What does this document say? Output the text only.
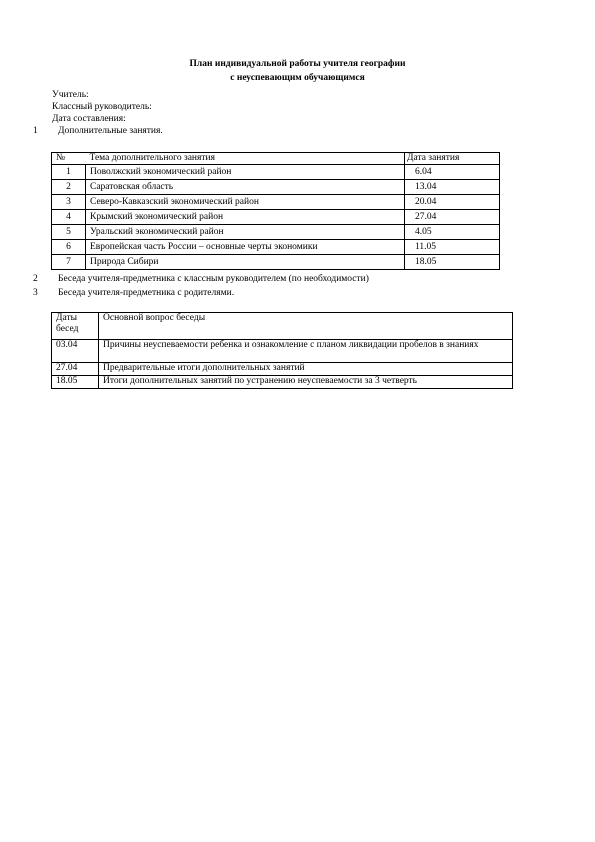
План индивидуальной работы учителя географии
с неуспевающим обучающимся
Учитель:
Классный руководитель:
Дата составления:
1 Дополнительные занятия.
№	Тема дополнительного занятия	Дата занятия
1	Поволжский экономический район	6.04
2	Саратовская область	13.04
3	Северо-Кавказский экономический район	20.04
4	Крымский экономический район	27.04
5	Уральский экономический район	4.05
6	Европейская часть России – основные черты экономики	11.05
7	Природа Сибири	18.05
2 Беседа учителя-предметника с классным руководителем (по необходимости)
3 Беседа учителя-предметника с родителями.
Даты бесед	Основной вопрос беседы
03.04	Причины неуспеваемости ребенка и ознакомление с планом ликвидации пробелов в знаниях
27.04	Предварительные итоги дополнительных занятий
18.05	Итоги дополнительных занятий по устранению неуспеваемости за 3 четверть
